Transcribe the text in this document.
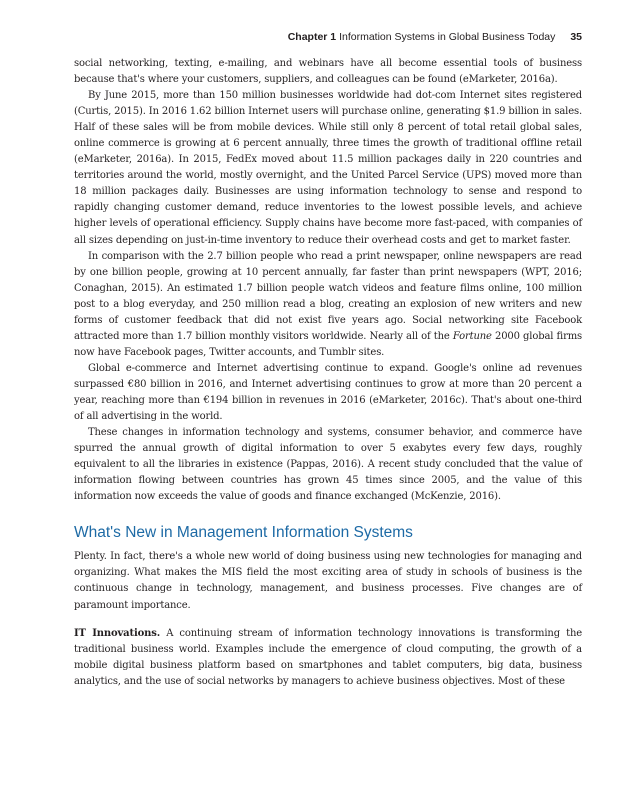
Chapter 1 Information Systems in Global Business Today 35

social networking, texting, e-mailing, and webinars have all become essential tools of business because that's where your customers, suppliers, and colleagues can be found (eMarketer, 2016a).

By June 2015, more than 150 million businesses worldwide had dot-com Internet sites registered (Curtis, 2015). In 2016 1.62 billion Internet users will purchase online, generating $1.9 billion in sales. Half of these sales will be from mobile devices. While still only 8 percent of total retail global sales, online commerce is growing at 6 percent annually, three times the growth of traditional offline retail (eMarketer, 2016a). In 2015, FedEx moved about 11.5 million packages daily in 220 countries and territories around the world, mostly overnight, and the United Parcel Service (UPS) moved more than 18 million packages daily. Businesses are using information technology to sense and respond to rapidly changing customer demand, reduce inventories to the lowest possible levels, and achieve higher levels of operational efficiency. Supply chains have become more fast-paced, with companies of all sizes depending on just-in-time inventory to reduce their overhead costs and get to market faster.

In comparison with the 2.7 billion people who read a print newspaper, online newspapers are read by one billion people, growing at 10 percent annually, far faster than print newspapers (WPT, 2016; Conaghan, 2015). An estimated 1.7 billion people watch videos and feature films online, 100 million post to a blog everyday, and 250 million read a blog, creating an explosion of new writers and new forms of customer feedback that did not exist five years ago. Social networking site Facebook attracted more than 1.7 billion monthly visitors worldwide. Nearly all of the Fortune 2000 global firms now have Facebook pages, Twitter accounts, and Tumblr sites.

Global e-commerce and Internet advertising continue to expand. Google's online ad revenues surpassed €80 billion in 2016, and Internet advertising continues to grow at more than 20 percent a year, reaching more than €194 billion in revenues in 2016 (eMarketer, 2016c). That's about one-third of all advertising in the world.

These changes in information technology and systems, consumer behavior, and commerce have spurred the annual growth of digital information to over 5 exabytes every few days, roughly equivalent to all the libraries in existence (Pappas, 2016). A recent study concluded that the value of information flowing between countries has grown 45 times since 2005, and the value of this information now exceeds the value of goods and finance exchanged (McKenzie, 2016).

What's New in Management Information Systems

Plenty. In fact, there's a whole new world of doing business using new technologies for managing and organizing. What makes the MIS field the most exciting area of study in schools of business is the continuous change in technology, management, and business processes. Five changes are of paramount importance.

IT Innovations. A continuing stream of information technology innovations is transforming the traditional business world. Examples include the emergence of cloud computing, the growth of a mobile digital business platform based on smartphones and tablet computers, big data, business analytics, and the use of social networks by managers to achieve business objectives. Most of these
